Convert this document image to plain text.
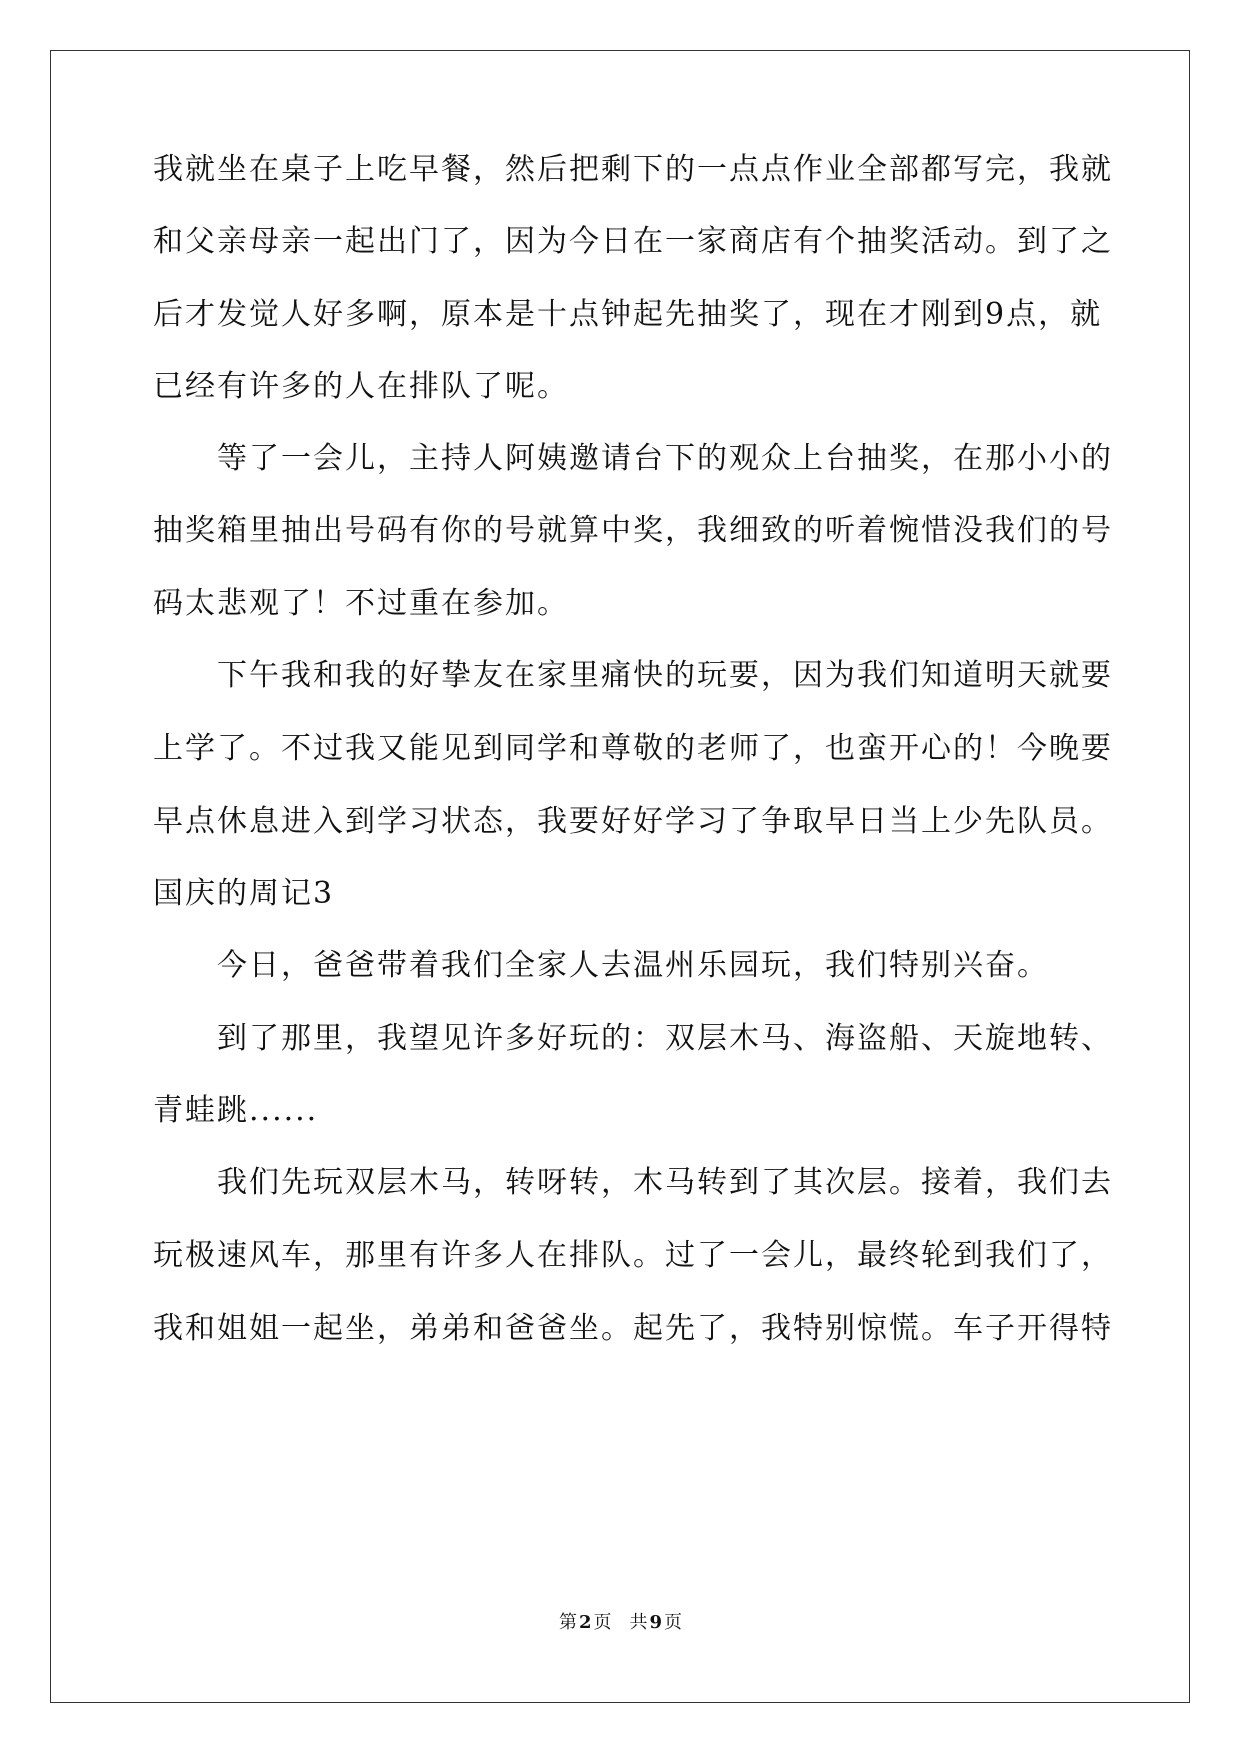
我就坐在桌子上吃早餐，然后把剩下的一点点作业全部都写完，我就
和父亲母亲一起出门了，因为今日在一家商店有个抽奖活动。到了之
后才发觉人好多啊，原本是十点钟起先抽奖了，现在才刚到9点，就
已经有许多的人在排队了呢。
等了一会儿，主持人阿姨邀请台下的观众上台抽奖，在那小小的
抽奖箱里抽出号码有你的号就算中奖，我细致的听着惋惜没我们的号
码太悲观了！不过重在参加。
下午我和我的好挚友在家里痛快的玩要，因为我们知道明天就要
上学了。不过我又能见到同学和尊敬的老师了，也蛮开心的！今晚要
早点休息进入到学习状态，我要好好学习了争取早日当上少先队员。
国庆的周记3
今日，爸爸带着我们全家人去温州乐园玩，我们特别兴奋。
到了那里，我望见许多好玩的：双层木马、海盗船、天旋地转、
青蛙跳......
我们先玩双层木马，转呀转，木马转到了其次层。接着，我们去
玩极速风车，那里有许多人在排队。过了一会儿，最终轮到我们了，
我和姐姐一起坐，弟弟和爸爸坐。起先了，我特别惊慌。车子开得特
第 2 页 共 9 页
